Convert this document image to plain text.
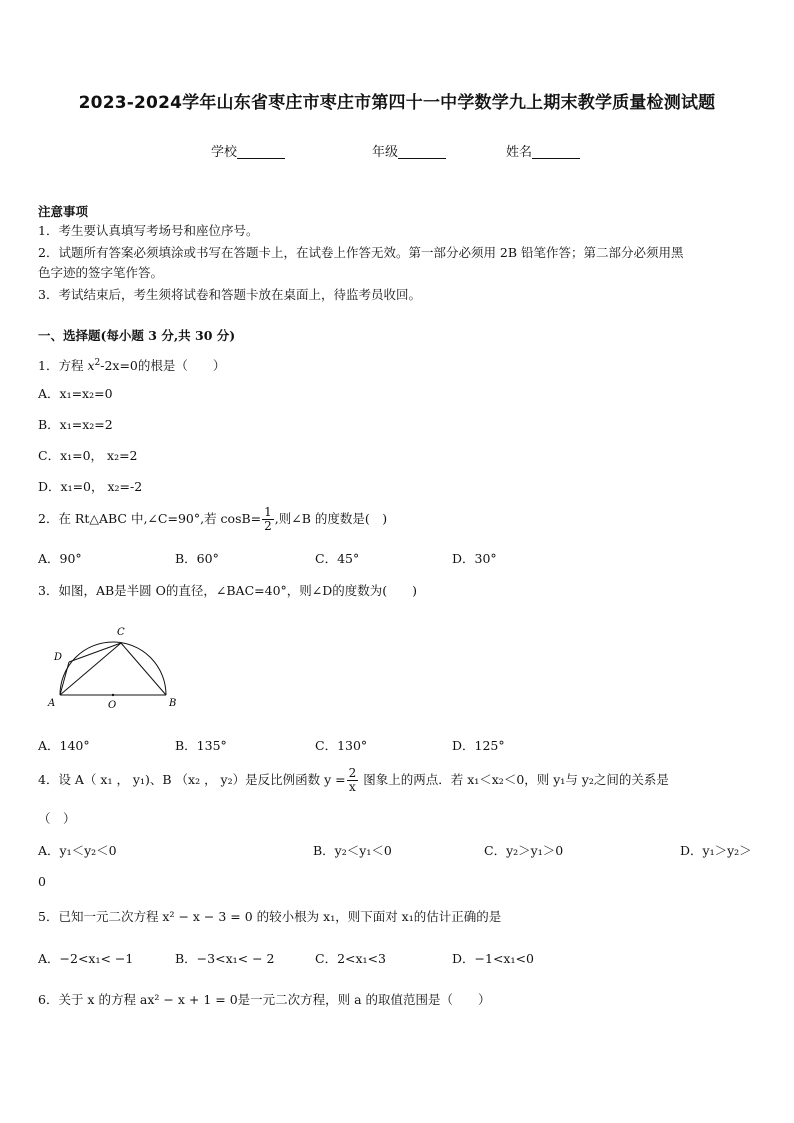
2023-2024学年山东省枣庄市枣庄市第四十一中学数学九上期末教学质量检测试题
学校	年级	姓名
注意事项
1．考生要认真填写考场号和座位序号。
2．试题所有答案必须填涂或书写在答题卡上，在试卷上作答无效。第一部分必须用 2B 铅笔作答；第二部分必须用黑
色字迹的签字笔作答。
3．考试结束后，考生须将试卷和答题卡放在桌面上，待监考员收回。
一、选择题(每小题 3 分,共 30 分)
1．方程 $x^2-2x=0$的根是（　　）
A．x₁=x₂=0
B．x₁=x₂=2
C．x₁=0， x₂=2
D．x₁=0， x₂=-2
2．在 Rt△ABC 中,∠C=90°,若 $\cos B= \frac{1}{2}$ ,则∠B 的度数是(　)
A．90°	B．60°	C．45°	D．30°
3．如图，AB是半圆 O的直径，∠BAC=40°，则∠D的度数为(　　)
A	B
C
D
O
A．140°	B．135°	C．130°	D．125°
4．设 A（ x₁ ， y₁)、B （x₂ ， y₂）是反比例函数 $y = \frac{2}{x}$ 图象上的两点．若 x₁＜x₂＜0，则 y₁与 y₂之间的关系是
（　）
A．y₁＜y₂＜0	B．y₂＜y₁＜0	C．y₂＞y₁＞0	D．y₁＞y₂＞
0
5．已知一元二次方程 x² − x − 3 = 0 的较小根为 x₁，则下面对 x₁的估计正确的是
A．−2<x₁< −1	B．−3<x₁< − 2	C．2<x₁<3	D．−1<x₁<0
6．关于 x 的方程 ax² − x + 1 = 0是一元二次方程，则 a 的取值范围是（　　）
